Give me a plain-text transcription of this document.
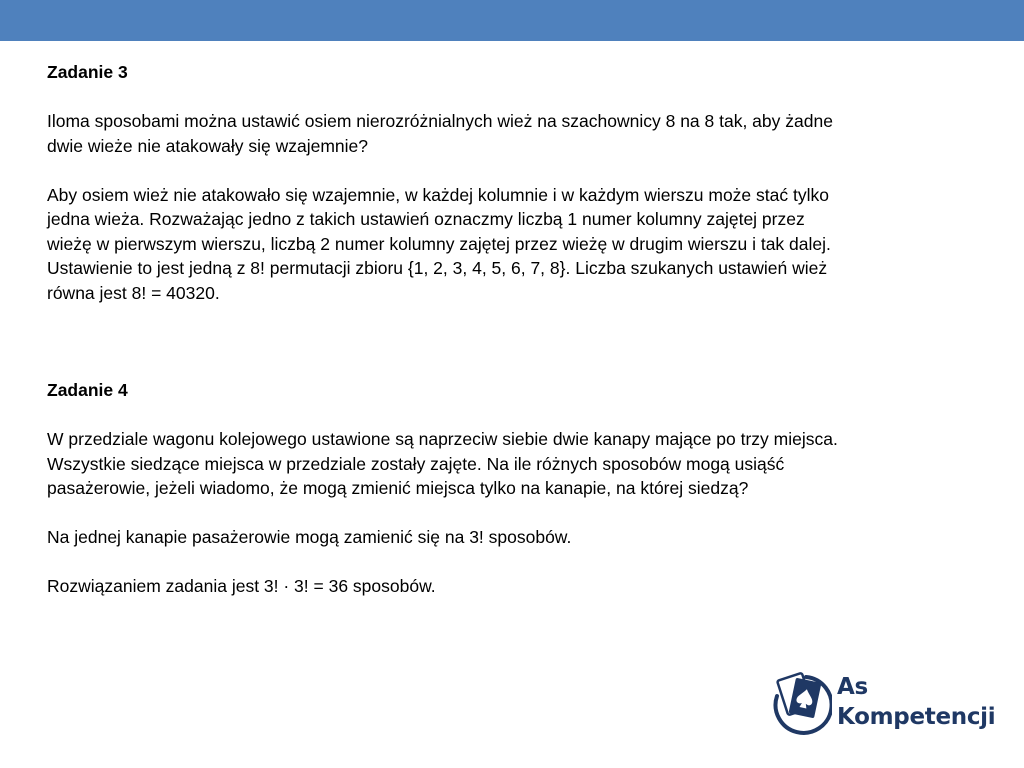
Zadanie 3

Iloma sposobami można ustawić osiem nierozróżnialnych wież na szachownicy 8 na 8 tak, aby żadne

dwie wieże nie atakowały się wzajemnie?

Aby osiem wież nie atakowało się wzajemnie, w każdej kolumnie i w każdym wierszu może stać tylko

jedna wieża. Rozważając jedno z takich ustawień oznaczmy liczbą 1 numer kolumny zajętej przez

wieżę w pierwszym wierszu, liczbą 2 numer kolumny zajętej przez wieżę w drugim wierszu i tak dalej.

Ustawienie to jest jedną z 8! permutacji zbioru {1, 2, 3, 4, 5, 6, 7, 8}. Liczba szukanych ustawień wież

równa jest 8! = 40320.

Zadanie 4

W przedziale wagonu kolejowego ustawione są naprzeciw siebie dwie kanapy mające po trzy miejsca.

Wszystkie siedzące miejsca w przedziale zostały zajęte. Na ile różnych sposobów mogą usiąść

pasażerowie, jeżeli wiadomo, że mogą zmienić miejsca tylko na kanapie, na której siedzą?

Na jednej kanapie pasażerowie mogą zamienić się na 3! sposobów.

Rozwiązaniem zadania jest 3! · 3! = 36 sposobów.

As
Kompetencji
